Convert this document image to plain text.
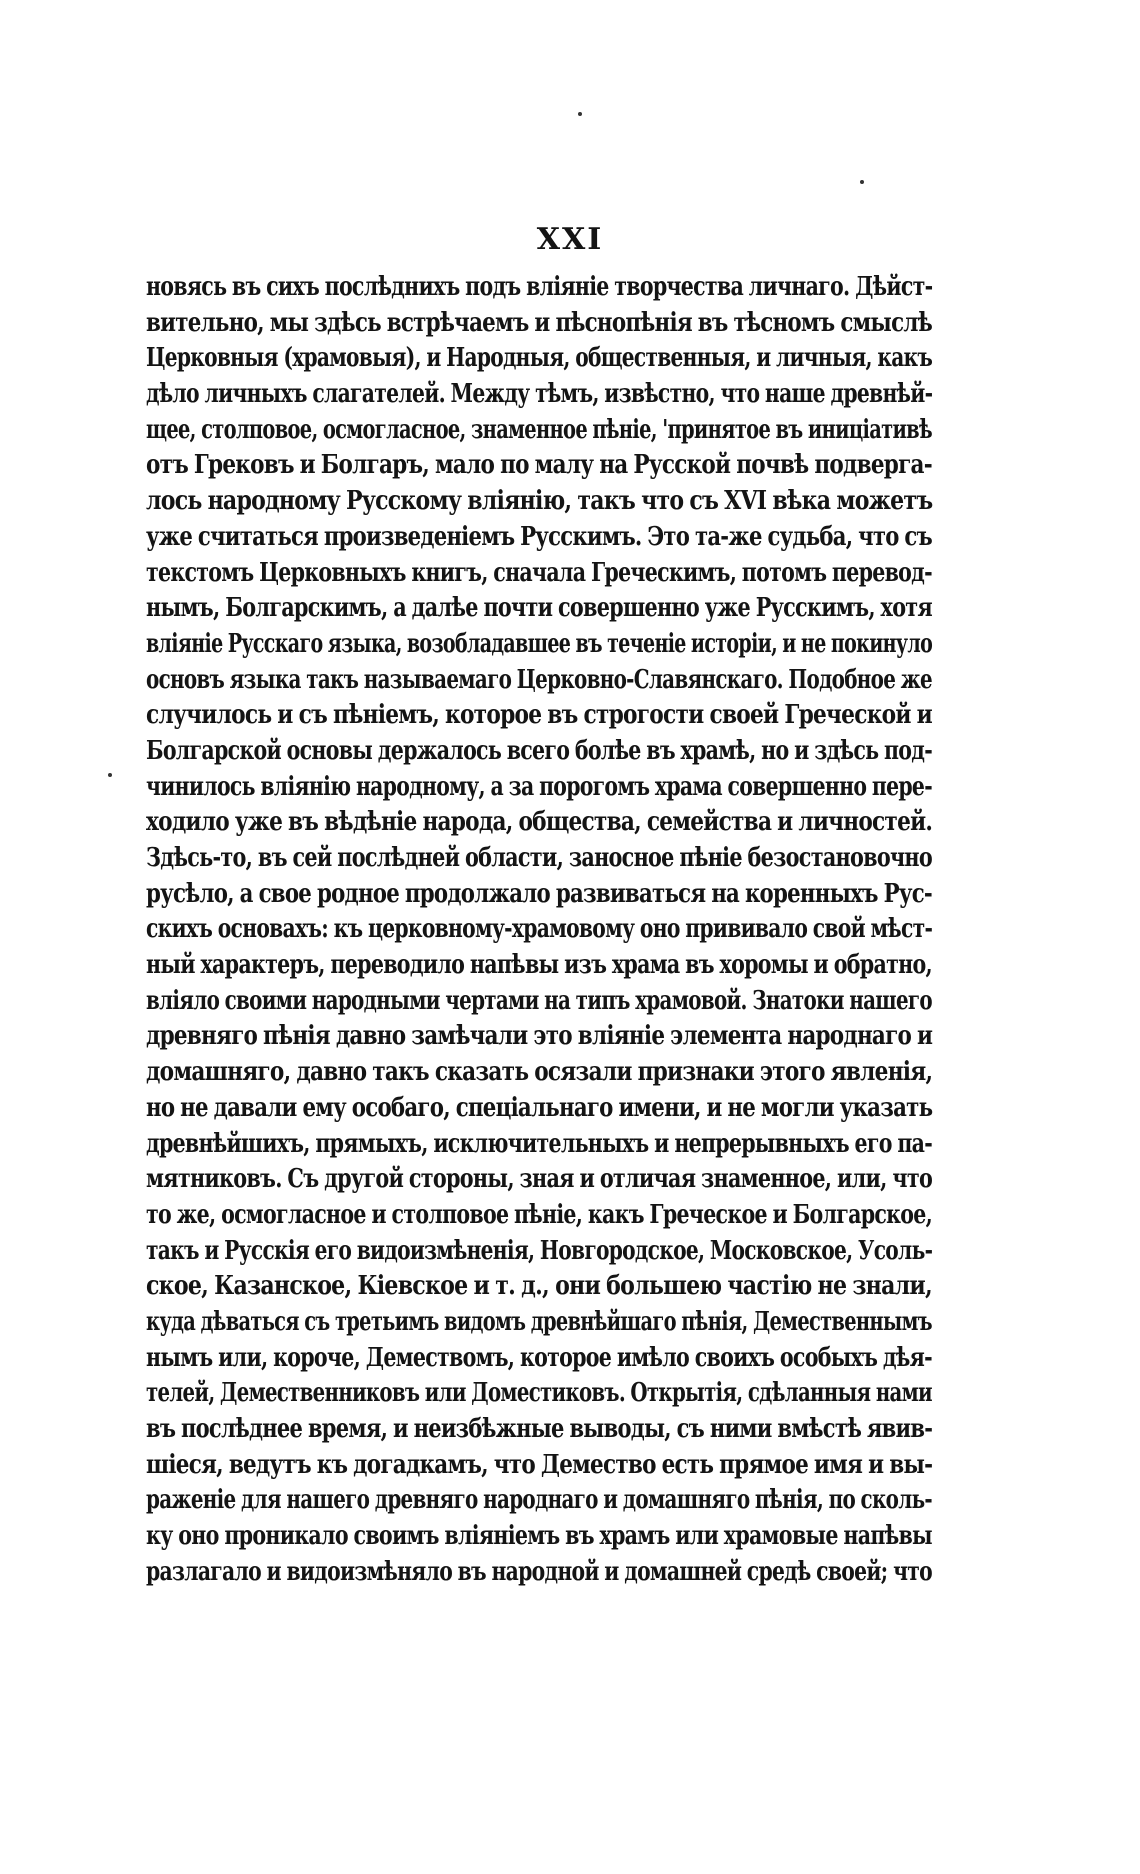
XXI
новясь въ сихъ послѣднихъ подъ вліяніе творчества личнаго. Дѣйст-
вительно, мы здѣсь встрѣчаемъ и пѣснопѣнія въ тѣсномъ смыслѣ
Церковныя (храмовыя), и Народныя, общественныя, и личныя, какъ
дѣло личныхъ слагателей. Между тѣмъ, извѣстно, что наше древнѣй-
щее, столповое, осмогласное, знаменное пѣніе, 'принятое въ иниціативѣ
отъ Грековъ и Болгаръ, мало по малу на Русской почвѣ подверга-
лось народному Русскому вліянію, такъ что съ XVI вѣка можетъ
уже считаться произведеніемъ Русскимъ. Это та-же судьба, что съ
текстомъ Церковныхъ книгъ, сначала Греческимъ, потомъ перевод-
нымъ, Болгарскимъ, а далѣе почти совершенно уже Русскимъ, хотя
вліяніе Русскаго языка, возобладавшее въ теченіе исторіи, и не покинуло
основъ языка такъ называемаго Церковно-Славянскаго. Подобное же
случилось и съ пѣніемъ, которое въ строгости своей Греческой и
Болгарской основы держалось всего болѣе въ храмѣ, но и здѣсь под-
чинилось вліянію народному, а за порогомъ храма совершенно пере-
ходило уже въ вѣдѣніе народа, общества, семейства и личностей.
Здѣсь-то, въ сей послѣдней области, заносное пѣніе безостановочно
русѣло, а свое родное продолжало развиваться на коренныхъ Рус-
скихъ основахъ: къ церковному-храмовому оно прививало свой мѣст-
ный характеръ, переводило напѣвы изъ храма въ хоромы и обратно,
вліяло своими народными чертами на типъ храмовой. Знатоки нашего
древняго пѣнія давно замѣчали это вліяніе элемента народнаго и
домашняго, давно такъ сказать осязали признаки этого явленія,
но не давали ему особаго, спеціальнаго имени, и не могли указать
древнѣйшихъ, прямыхъ, исключительныхъ и непрерывныхъ его па-
мятниковъ. Съ другой стороны, зная и отличая знаменное, или, что
то же, осмогласное и столповое пѣніе, какъ Греческое и Болгарское,
такъ и Русскія его видоизмѣненія, Новгородское, Московское, Усоль-
ское, Казанское, Кіевское и т. д., они большею частію не знали,
куда дѣваться съ третьимъ видомъ древнѣйшаго пѣнія, Демественнымъ
нымъ или, короче, Демествомъ, которое имѣло своихъ особыхъ дѣя-
телей, Демественниковъ или Доместиковъ. Открытія, сдѣланныя нами
въ послѣднее время, и неизбѣжные выводы, съ ними вмѣстѣ явив-
шіеся, ведутъ къ догадкамъ, что Демество есть прямое имя и вы-
раженіе для нашего древняго народнаго и домашняго пѣнія, по сколь-
ку оно проникало своимъ вліяніемъ въ храмъ или храмовые напѣвы
разлагало и видоизмѣняло въ народной и домашней средѣ своей; что
